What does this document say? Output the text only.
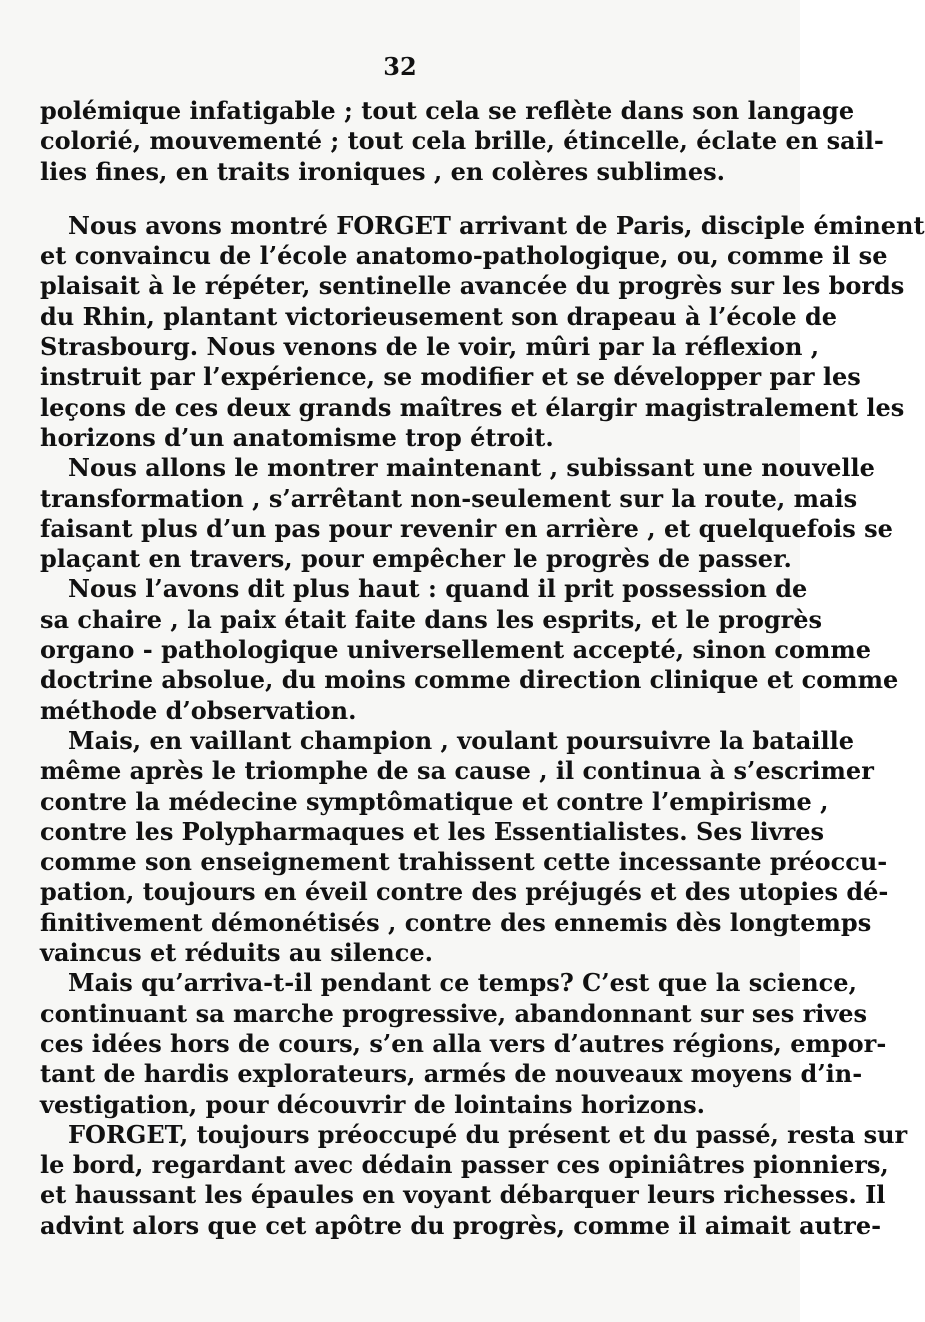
32
polémique infatigable ; tout cela se reflète dans son langage
colorié, mouvementé ; tout cela brille, étincelle, éclate en sail-
lies fines, en traits ironiques , en colères sublimes.
Nous avons montré FORGET arrivant de Paris, disciple éminent
et convaincu de l’école anatomo-pathologique, ou, comme il se
plaisait à le répéter, sentinelle avancée du progrès sur les bords
du Rhin, plantant victorieusement son drapeau à l’école de
Strasbourg. Nous venons de le voir, mûri par la réflexion ,
instruit par l’expérience, se modifier et se développer par les
leçons de ces deux grands maîtres et élargir magistralement les
horizons d’un anatomisme trop étroit.
Nous allons le montrer maintenant , subissant une nouvelle
transformation , s’arrêtant non-seulement sur la route, mais
faisant plus d’un pas pour revenir en arrière , et quelquefois se
plaçant en travers, pour empêcher le progrès de passer.
Nous l’avons dit plus haut : quand il prit possession de
sa chaire , la paix était faite dans les esprits, et le progrès
organo - pathologique universellement accepté, sinon comme
doctrine absolue, du moins comme direction clinique et comme
méthode d’observation.
Mais, en vaillant champion , voulant poursuivre la bataille
même après le triomphe de sa cause , il continua à s’escrimer
contre la médecine symptômatique et contre l’empirisme ,
contre les Polypharmaques et les Essentialistes. Ses livres
comme son enseignement trahissent cette incessante préoccu-
pation, toujours en éveil contre des préjugés et des utopies dé-
finitivement démonétisés , contre des ennemis dès longtemps
vaincus et réduits au silence.
Mais qu’arriva-t-il pendant ce temps? C’est que la science,
continuant sa marche progressive, abandonnant sur ses rives
ces idées hors de cours, s’en alla vers d’autres régions, empor-
tant de hardis explorateurs, armés de nouveaux moyens d’in-
vestigation, pour découvrir de lointains horizons.
FORGET, toujours préoccupé du présent et du passé, resta sur
le bord, regardant avec dédain passer ces opiniâtres pionniers,
et haussant les épaules en voyant débarquer leurs richesses. Il
advint alors que cet apôtre du progrès, comme il aimait autre-
